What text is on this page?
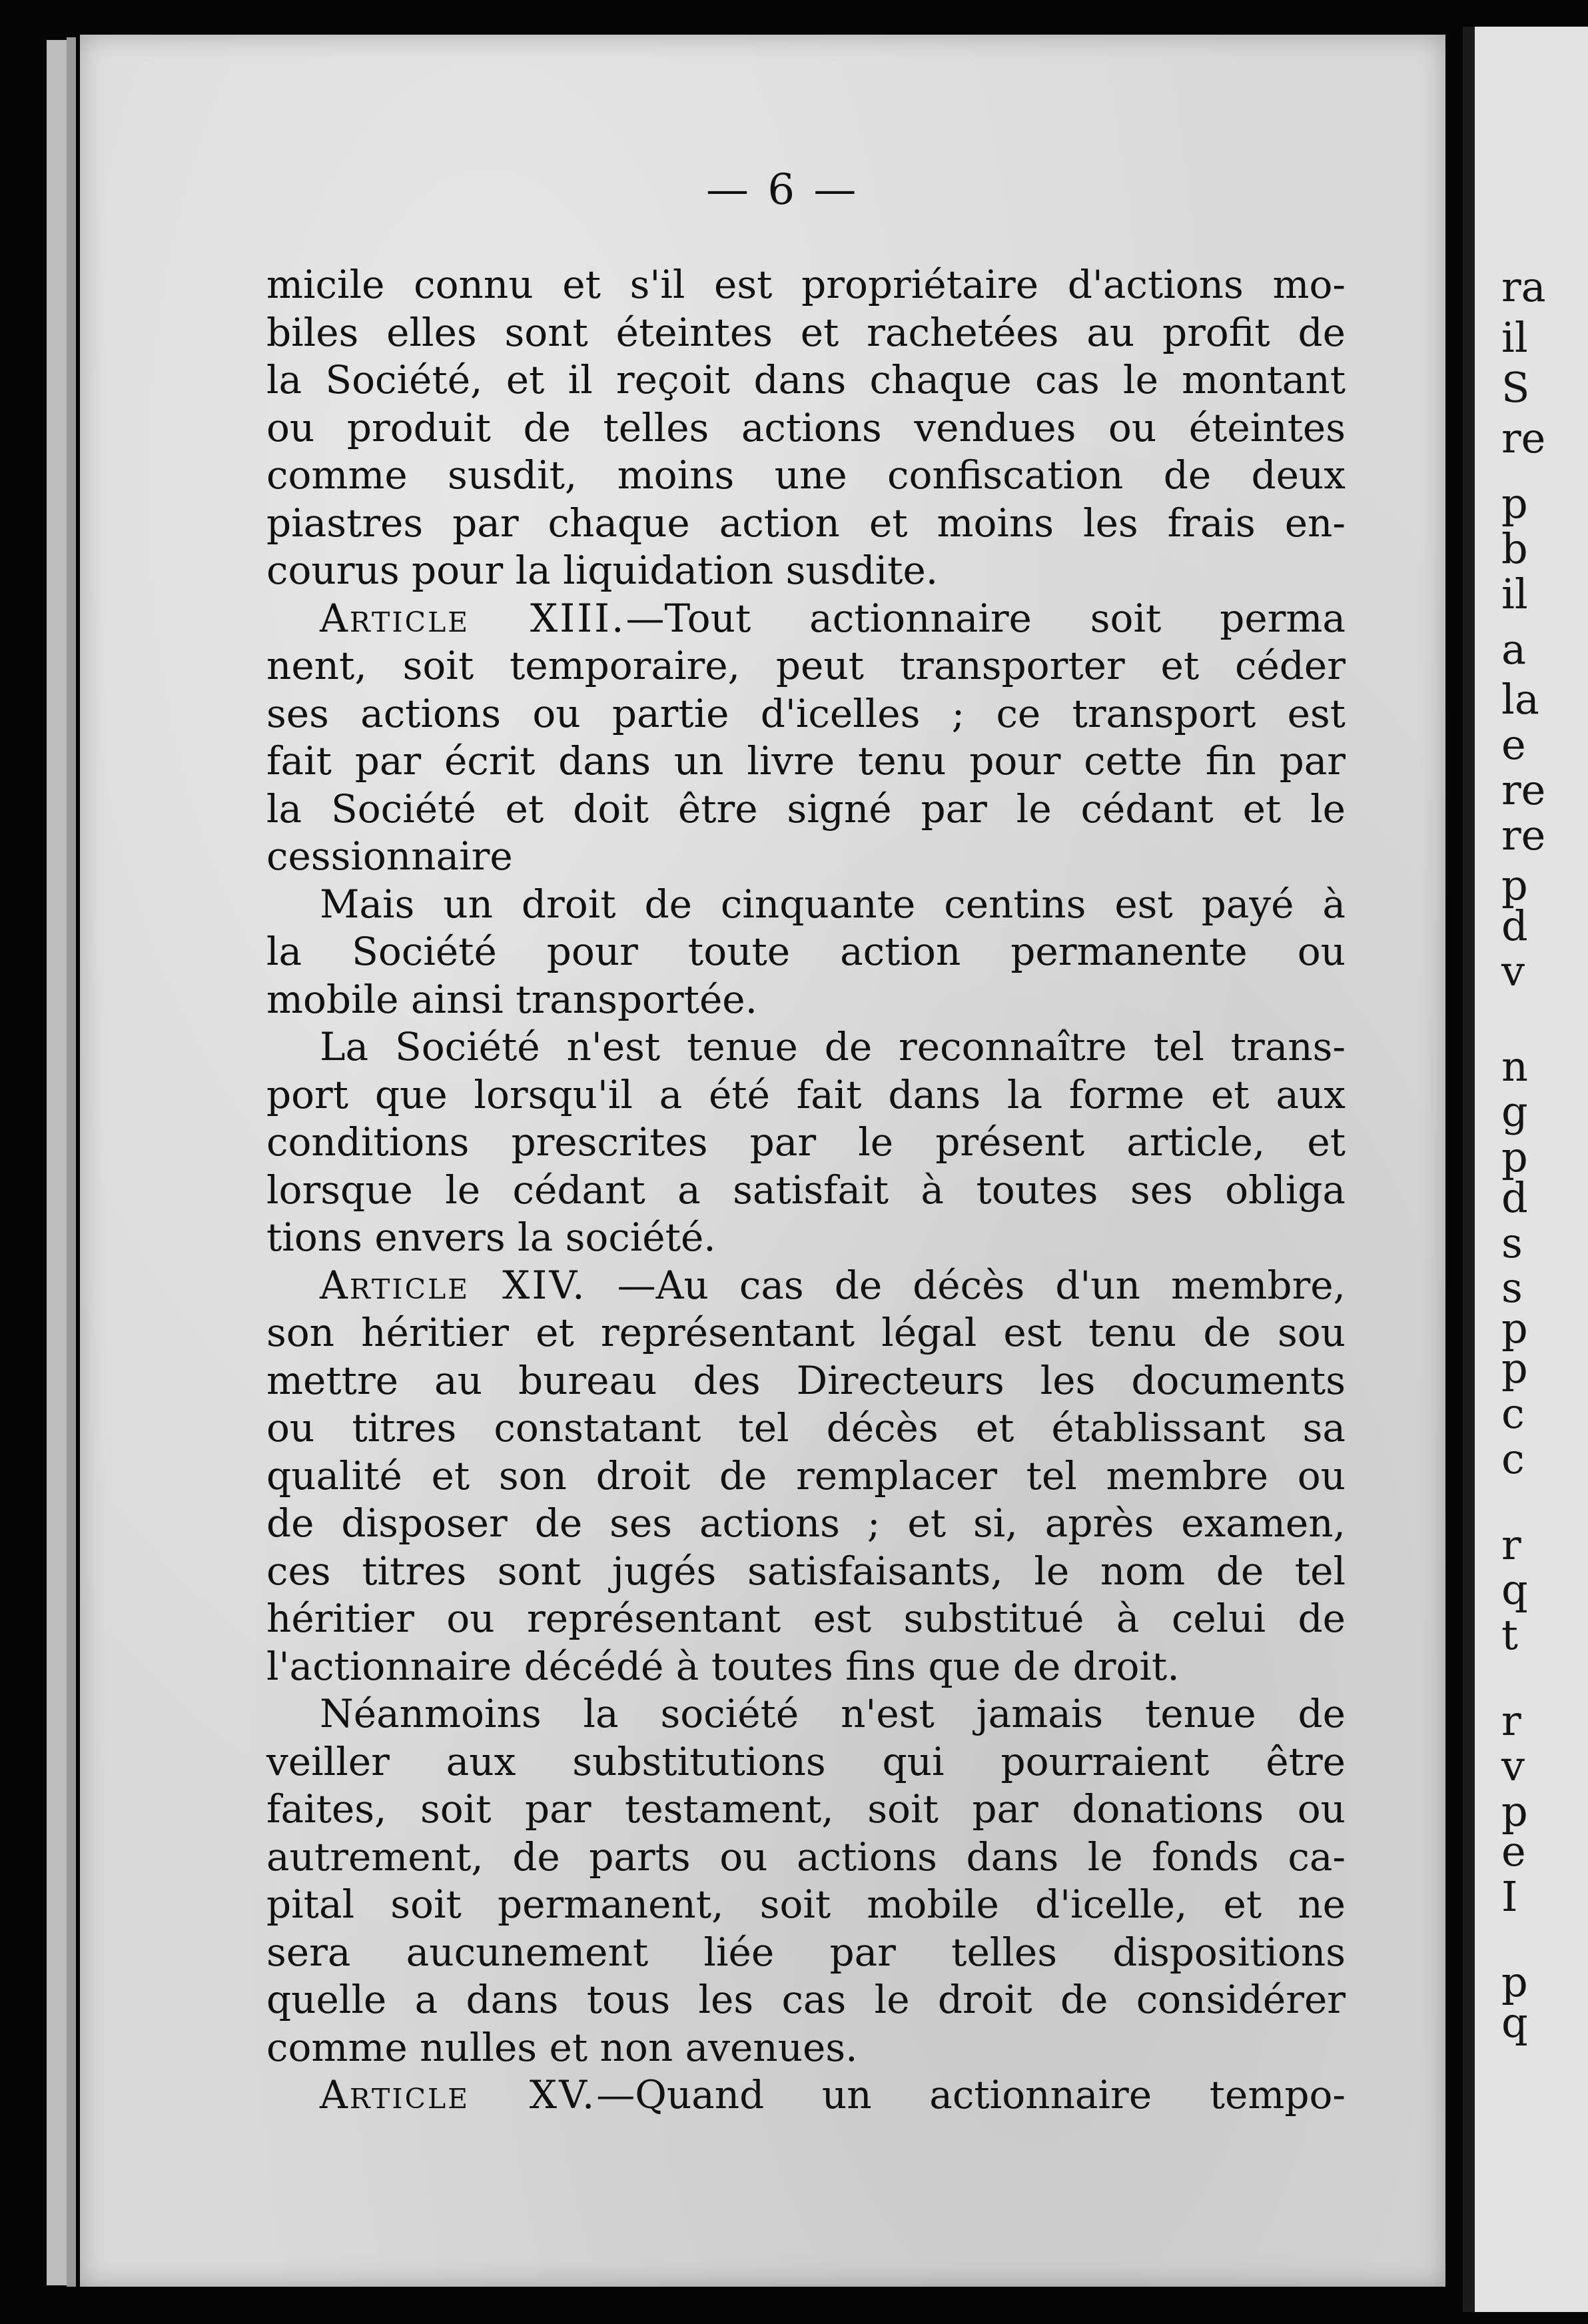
— 6 —
micile connu et s'il est propriétaire d'actions mo-
biles elles sont éteintes et rachetées au profit de
la Société, et il reçoit dans chaque cas le montant
ou produit de telles actions vendues ou éteintes
comme susdit, moins une confiscation de deux
piastres par chaque action et moins les frais en-
courus pour la liquidation susdite.
Article XIII.—Tout actionnaire soit perma
nent, soit temporaire, peut transporter et céder
ses actions ou partie d'icelles ; ce transport est
fait par écrit dans un livre tenu pour cette fin par
la Société et doit être signé par le cédant et le
cessionnaire
Mais un droit de cinquante centins est payé à
la Société pour toute action permanente ou
mobile ainsi transportée.
La Société n'est tenue de reconnaître tel trans-
port que lorsqu'il a été fait dans la forme et aux
conditions prescrites par le présent article, et
lorsque le cédant a satisfait à toutes ses obliga
tions envers la société.
Article XIV. —Au cas de décès d'un membre,
son héritier et représentant légal est tenu de sou
mettre au bureau des Directeurs les documents
ou titres constatant tel décès et établissant sa
qualité et son droit de remplacer tel membre ou
de disposer de ses actions ; et si, après examen,
ces titres sont jugés satisfaisants, le nom de tel
héritier ou représentant est substitué à celui de
l'actionnaire décédé à toutes fins que de droit.
Néanmoins la société n'est jamais tenue de
veiller aux substitutions qui pourraient être
faites, soit par testament, soit par donations ou
autrement, de parts ou actions dans le fonds ca-
pital soit permanent, soit mobile d'icelle, et ne
sera aucunement liée par telles dispositions
quelle a dans tous les cas le droit de considérer
comme nulles et non avenues.
Article XV.—Quand un actionnaire tempo-
ra
il
S
re
p
b
il
a
la
e
re
re
p
d
v
n
g
p
d
s
s
p
p
c
c
r
q
t
r
v
p
e
I
p
q
